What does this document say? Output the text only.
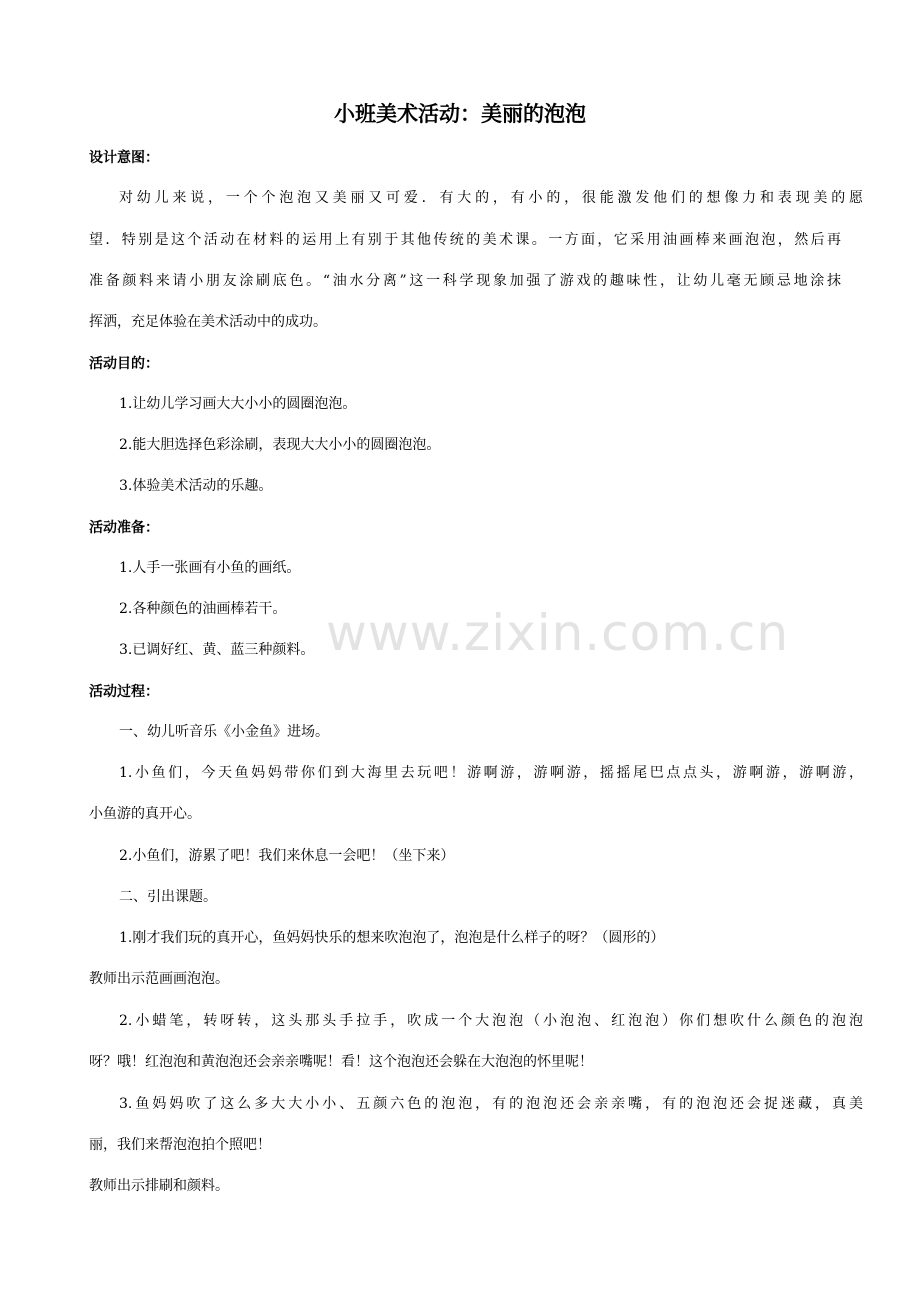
小班美术活动：美丽的泡泡
设计意图：
对幼儿来说，一个个泡泡又美丽又可爱．有大的，有小的，很能激发他们的想像力和表现美的愿
望．特别是这个活动在材料的运用上有别于其他传统的美术课。一方面，它采用油画棒来画泡泡，然后再
准备颜料来请小朋友涂刷底色。“油水分离”这一科学现象加强了游戏的趣味性，让幼儿毫无顾忌地涂抹
挥洒，充足体验在美术活动中的成功。
活动目的：
1.让幼儿学习画大大小小的圆圈泡泡。
2.能大胆选择色彩涂刷，表现大大小小的圆圈泡泡。
3.体验美术活动的乐趣。
活动准备：
1.人手一张画有小鱼的画纸。
2.各种颜色的油画棒若干。
3.已调好红、黄、蓝三种颜料。
活动过程：
一、幼儿听音乐《小金鱼》进场。
1.小鱼们，今天鱼妈妈带你们到大海里去玩吧！游啊游，游啊游，摇摇尾巴点点头，游啊游，游啊游，
小鱼游的真开心。
2.小鱼们，游累了吧！我们来休息一会吧！（坐下来）
二、引出课题。
1.刚才我们玩的真开心，鱼妈妈快乐的想来吹泡泡了，泡泡是什么样子的呀？（圆形的）
教师出示范画画泡泡。
2.小蜡笔，转呀转，这头那头手拉手，吹成一个大泡泡（小泡泡、红泡泡）你们想吹什么颜色的泡泡
呀？哦！红泡泡和黄泡泡还会亲亲嘴呢！看！这个泡泡还会躲在大泡泡的怀里呢！
3.鱼妈妈吹了这么多大大小小、五颜六色的泡泡，有的泡泡还会亲亲嘴，有的泡泡还会捉迷藏，真美
丽，我们来帮泡泡拍个照吧！
教师出示排刷和颜料。
www.zixin.com.cn
